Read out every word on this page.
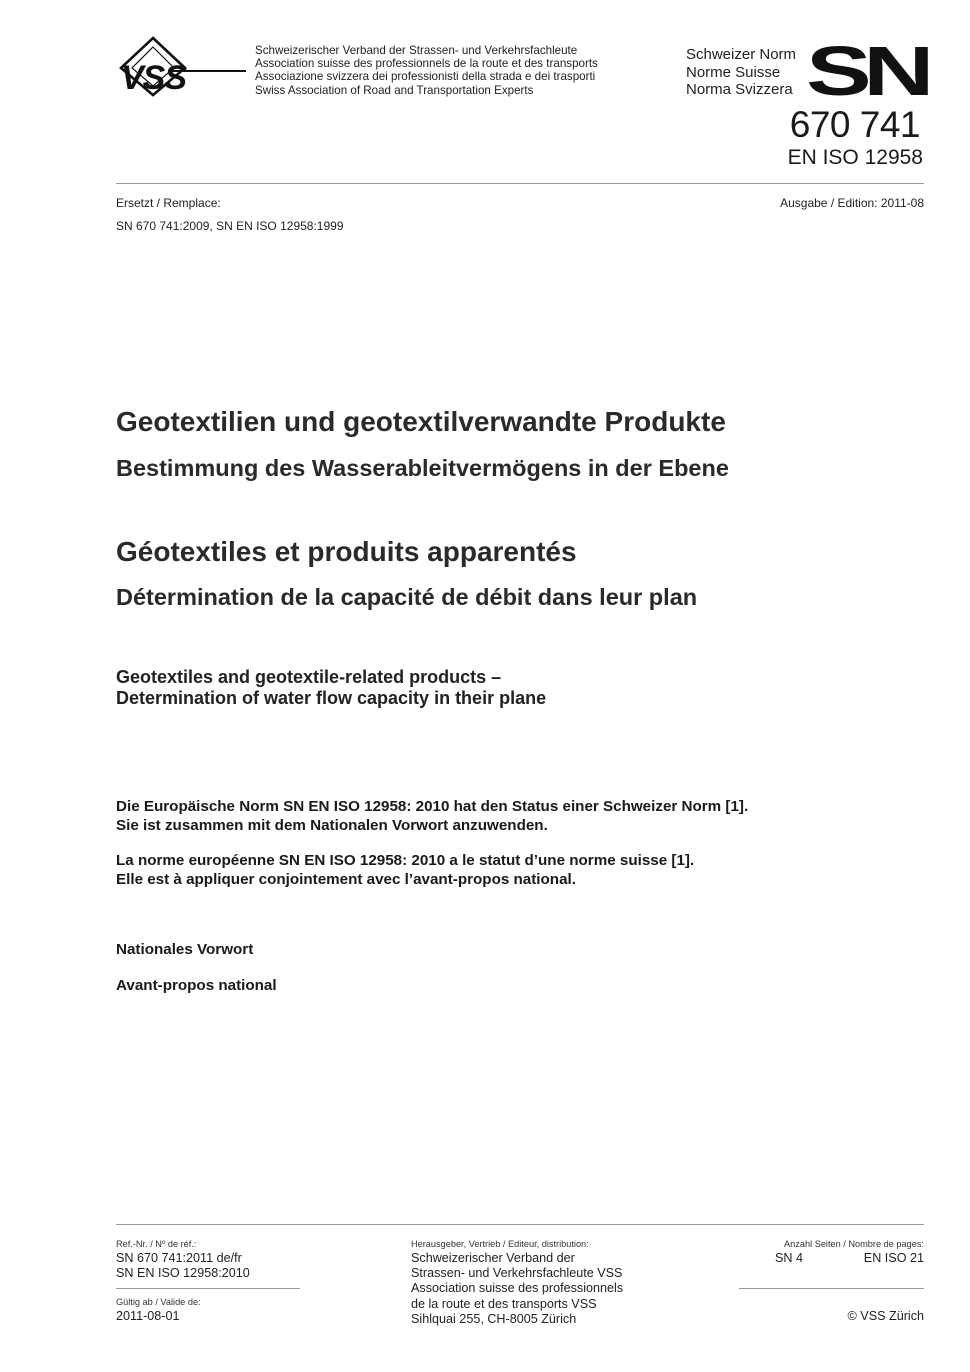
VSS
Schweizerischer Verband der Strassen- und Verkehrsfachleute
Association suisse des professionnels de la route et des transports
Associazione svizzera dei professionisti della strada e dei trasporti
Swiss Association of Road and Transportation Experts
Schweizer Norm
Norme Suisse
Norma Svizzera SN
670 741
EN ISO 12958
Ersetzt / Remplace:	Ausgabe / Edition: 2011-08
SN 670 741:2009, SN EN ISO 12958:1999
Geotextilien und geotextilverwandte Produkte
Bestimmung des Wasserableitvermögens in der Ebene
Géotextiles et produits apparentés
Détermination de la capacité de débit dans leur plan
Geotextiles and geotextile-related products –
Determination of water flow capacity in their plane
Die Europäische Norm SN EN ISO 12958: 2010 hat den Status einer Schweizer Norm [1].
Sie ist zusammen mit dem Nationalen Vorwort anzuwenden.
La norme européenne SN EN ISO 12958: 2010 a le statut d’une norme suisse [1].
Elle est à appliquer conjointement avec l’avant-propos national.
Nationales Vorwort
Avant-propos national
Ref.-Nr. / Nº de réf.:
SN 670 741:2011 de/fr
SN EN ISO 12958:2010
Gültig ab / Valide de:
2011-08-01
Herausgeber, Vertrieb / Editeur, distribution:
Schweizerischer Verband der
Strassen- und Verkehrsfachleute VSS
Association suisse des professionnels
de la route et des transports VSS
Sihlquai 255, CH-8005 Zürich
Anzahl Seiten / Nombre de pages:
SN 4	EN ISO 21
© VSS Zürich
